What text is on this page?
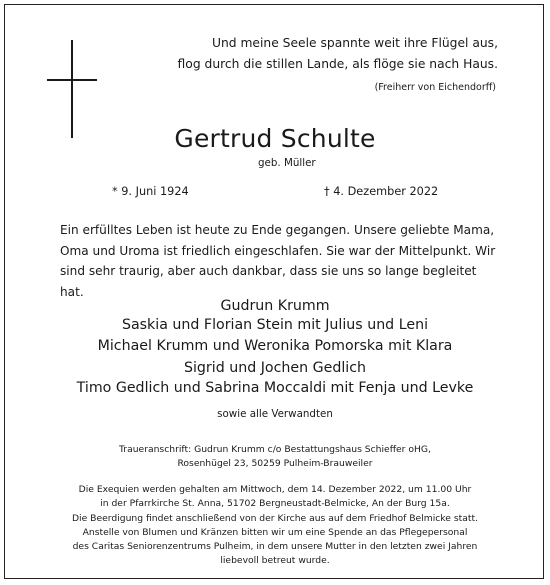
Und meine Seele spannte weit ihre Flügel aus,
flog durch die stillen Lande, als flöge sie nach Haus.
(Freiherr von Eichendorff)
Gertrud Schulte
geb. Müller
* 9. Juni 1924	† 4. Dezember 2022
Ein erfülltes Leben ist heute zu Ende gegangen. Unsere geliebte Mama, Oma und Uroma ist friedlich eingeschlafen. Sie war der Mittelpunkt. Wir sind sehr traurig, aber auch dankbar, dass sie uns so lange begleitet hat.
Gudrun Krumm
Saskia und Florian Stein mit Julius und Leni
Michael Krumm und Weronika Pomorska mit Klara
Sigrid und Jochen Gedlich
Timo Gedlich und Sabrina Moccaldi mit Fenja und Levke
sowie alle Verwandten
Traueranschrift: Gudrun Krumm c/o Bestattungshaus Schieffer oHG,
Rosenhügel 23, 50259 Pulheim-Brauweiler
Die Exequien werden gehalten am Mittwoch, dem 14. Dezember 2022, um 11.00 Uhr
in der Pfarrkirche St. Anna, 51702 Bergneustadt-Belmicke, An der Burg 15a.
Die Beerdigung findet anschließend von der Kirche aus auf dem Friedhof Belmicke statt.
Anstelle von Blumen und Kränzen bitten wir um eine Spende an das Pflegepersonal
des Caritas Seniorenzentrums Pulheim, in dem unsere Mutter in den letzten zwei Jahren
liebevoll betreut wurde.
